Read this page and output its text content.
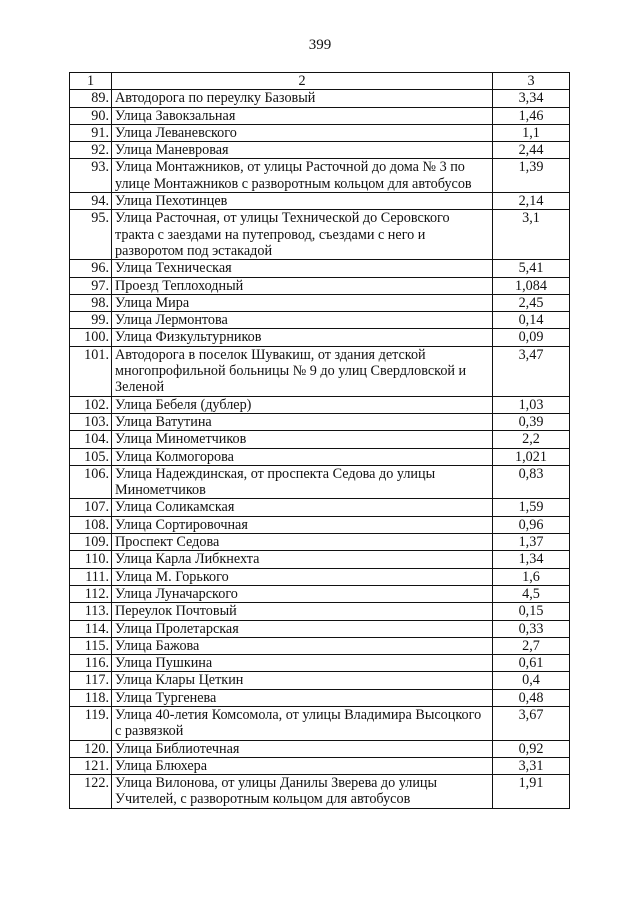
399
1	2	3
89.	Автодорога по переулку Базовый	3,34
90.	Улица Завокзальная	1,46
91.	Улица Леваневского	1,1
92.	Улица Маневровая	2,44
93.	Улица Монтажников, от улицы Расточной до дома № 3 по улице Монтажников с разворотным кольцом для автобусов	1,39
94.	Улица Пехотинцев	2,14
95.	Улица Расточная, от улицы Технической до Серовского тракта с заездами на путепровод, съездами с него и разворотом под эстакадой	3,1
96.	Улица Техническая	5,41
97.	Проезд Теплоходный	1,084
98.	Улица Мира	2,45
99.	Улица Лермонтова	0,14
100.	Улица Физкультурников	0,09
101.	Автодорога в поселок Шувакиш, от здания детской многопрофильной больницы № 9 до улиц Свердловской и Зеленой	3,47
102.	Улица Бебеля (дублер)	1,03
103.	Улица Ватутина	0,39
104.	Улица Минометчиков	2,2
105.	Улица Колмогорова	1,021
106.	Улица Надеждинская, от проспекта Седова до улицы Минометчиков	0,83
107.	Улица Соликамская	1,59
108.	Улица Сортировочная	0,96
109.	Проспект Седова	1,37
110.	Улица Карла Либкнехта	1,34
111.	Улица М. Горького	1,6
112.	Улица Луначарского	4,5
113.	Переулок Почтовый	0,15
114.	Улица Пролетарская	0,33
115.	Улица Бажова	2,7
116.	Улица Пушкина	0,61
117.	Улица Клары Цеткин	0,4
118.	Улица Тургенева	0,48
119.	Улица 40-летия Комсомола, от улицы Владимира Высоцкого с развязкой	3,67
120.	Улица Библиотечная	0,92
121.	Улица Блюхера	3,31
122.	Улица Вилонова, от улицы Данилы Зверева до улицы Учителей, с разворотным кольцом для автобусов	1,91
